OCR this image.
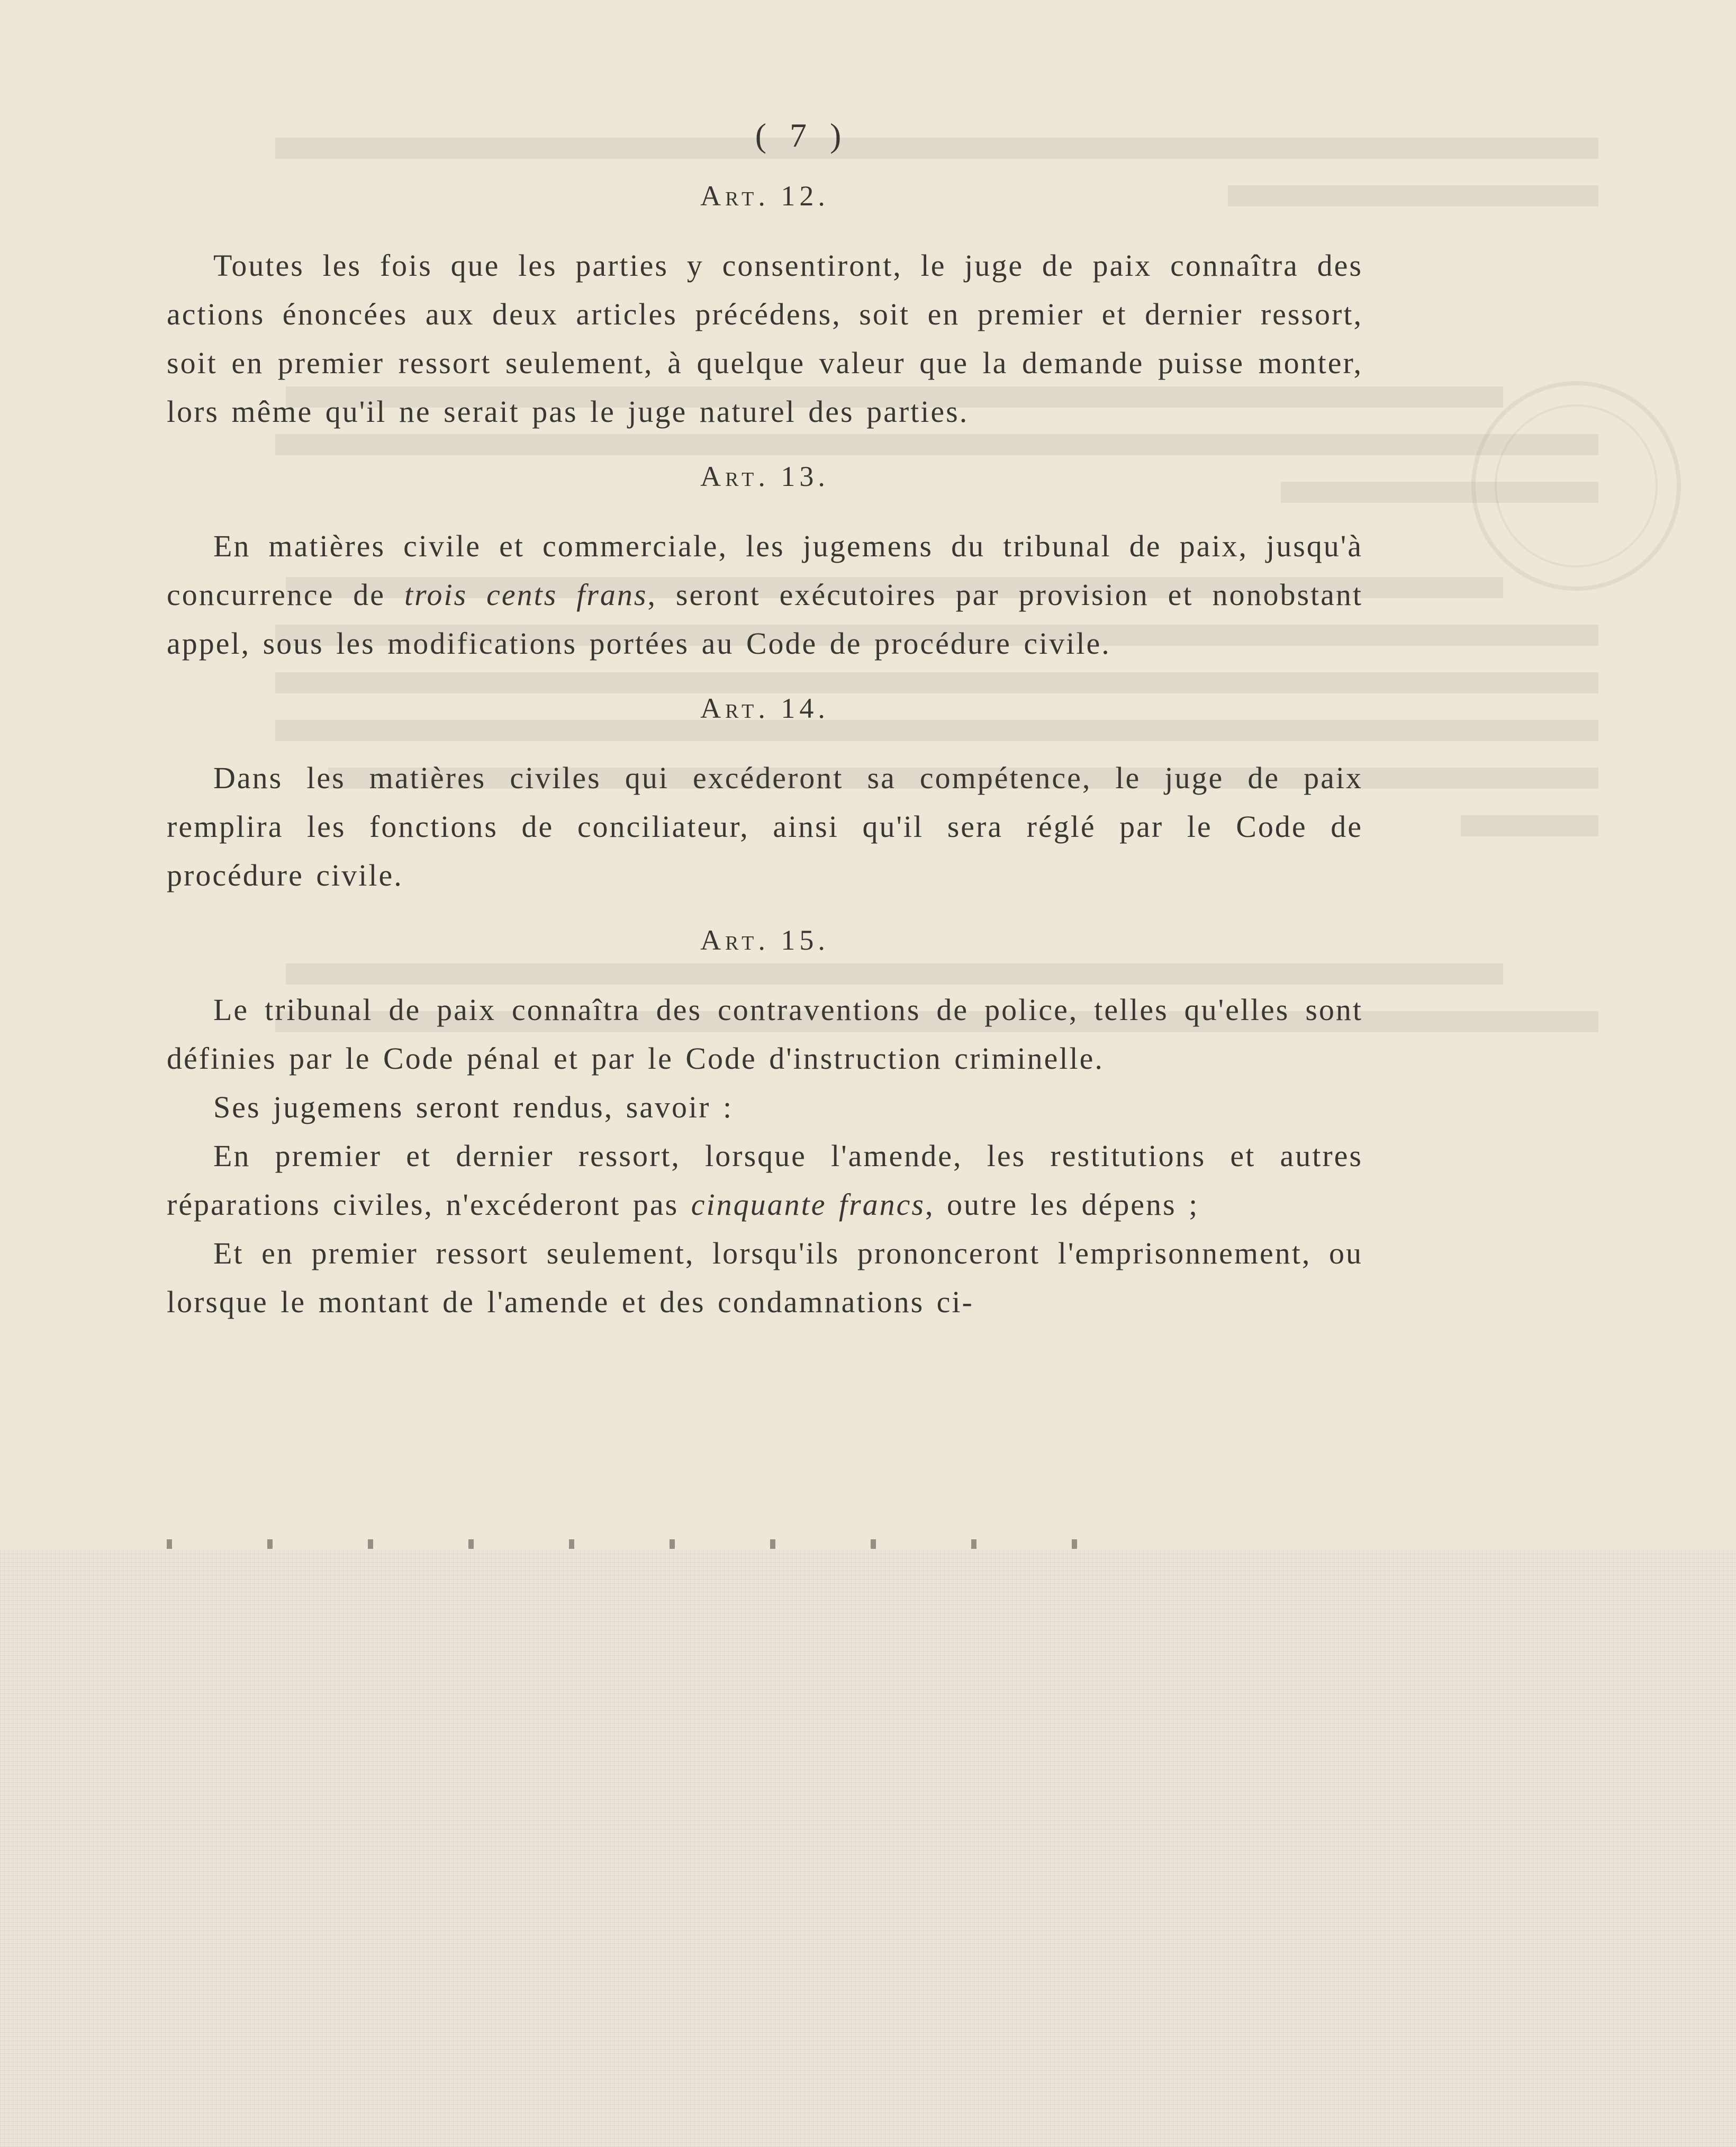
( 7 )
Art. 12.

Toutes les fois que les parties y consentiront, le juge de paix connaîtra des actions énoncées aux deux articles précédens, soit en premier et dernier ressort, soit en premier ressort seulement, à quelque valeur que la demande puisse monter, lors même qu'il ne serait pas le juge naturel des parties.

Art. 13.

En matières civile et commerciale, les jugemens du tribunal de paix, jusqu'à concurrence de trois cents frans, seront exécutoires par provision et nonobstant appel, sous les modifications portées au Code de procédure civile.

Art. 14.

Dans les matières civiles qui excéderont sa compétence, le juge de paix remplira les fonctions de conciliateur, ainsi qu'il sera réglé par le Code de procédure civile.

Art. 15.

Le tribunal de paix connaîtra des contraventions de police, telles qu'elles sont définies par le Code pénal et par le Code d'instruction criminelle.

Ses jugemens seront rendus, savoir :

En premier et dernier ressort, lorsque l'amende, les restitutions et autres réparations civiles, n'excéderont pas cinquante francs, outre les dépens ;

Et en premier ressort seulement, lorsqu'ils prononceront l'emprisonnement, ou lorsque le montant de l'amende et des condamnations ci-
